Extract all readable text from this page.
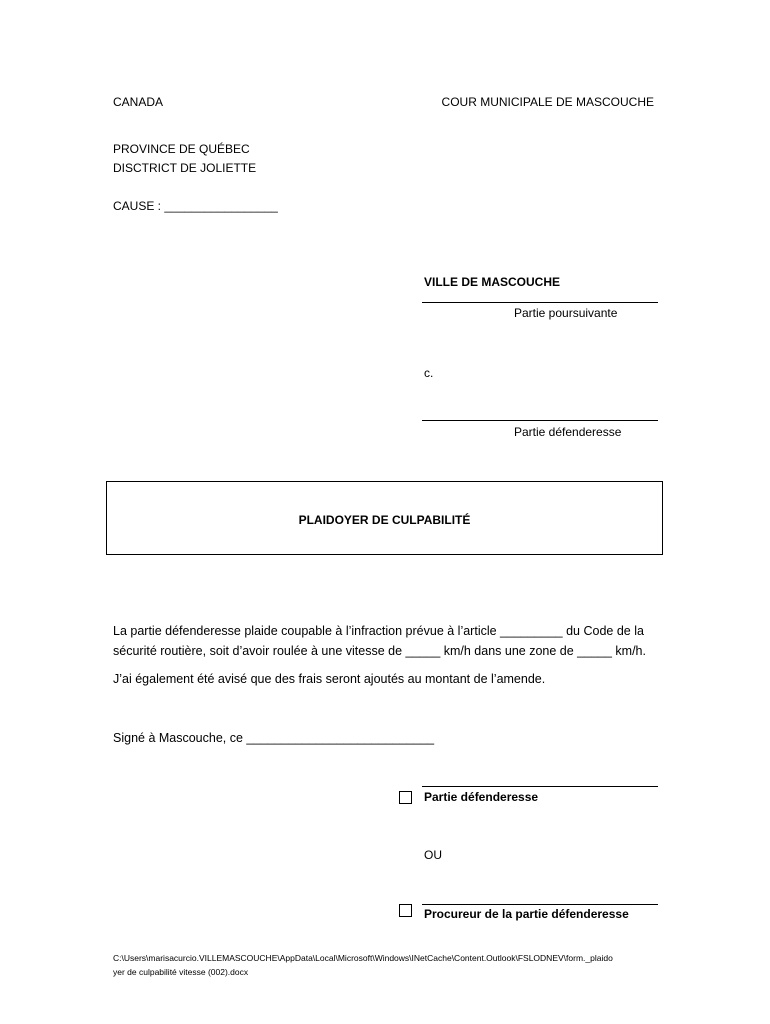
CANADA	COUR MUNICIPALE DE MASCOUCHE
PROVINCE DE QUÉBEC
DISCTRICT DE JOLIETTE
CAUSE : _________________
VILLE DE MASCOUCHE
Partie poursuivante
c.
Partie défenderesse
PLAIDOYER DE CULPABILITÉ
La partie défenderesse plaide coupable à l’infraction prévue à l’article _________ du Code de la
sécurité routière, soit d’avoir roulée à une vitesse de _____ km/h dans une zone de _____ km/h.
J’ai également été avisé que des frais seront ajoutés au montant de l’amende.
Signé à Mascouche, ce ___________________________
Partie défenderesse
OU
Procureur de la partie défenderesse
C:\Users\marisacurcio.VILLEMASCOUCHE\AppData\Local\Microsoft\Windows\INetCache\Content.Outlook\FSLODNEV\form._plaido
yer de culpabilité vitesse (002).docx
